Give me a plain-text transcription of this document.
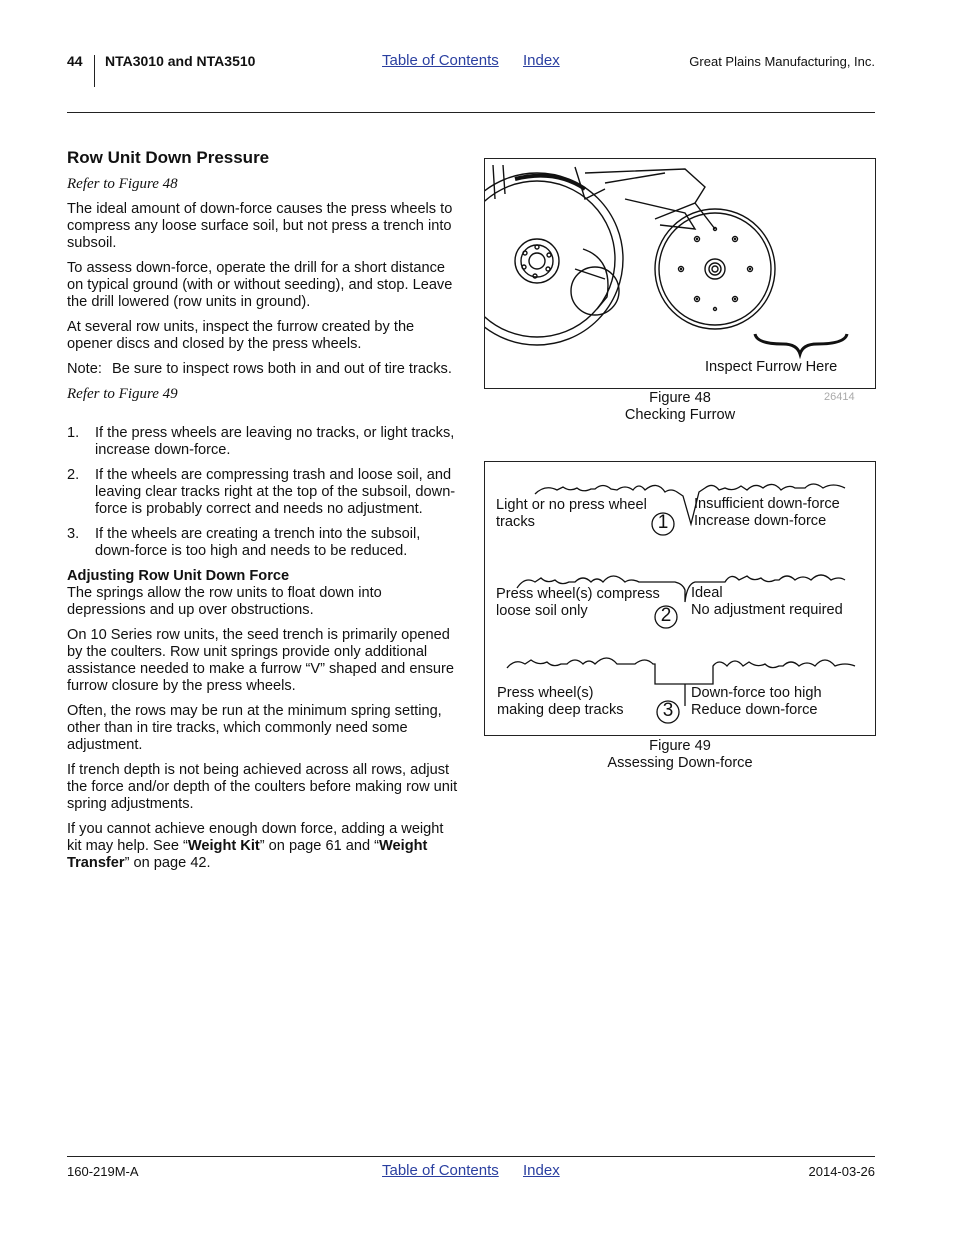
44 NTA3010 and NTA3510	Table of Contents Index	Great Plains Manufacturing, Inc.
Row Unit Down Pressure

Refer to Figure 48

The ideal amount of down-force causes the press wheels to compress any loose surface soil, but not press a trench into subsoil.

To assess down-force, operate the drill for a short distance on typical ground (with or without seeding), and stop. Leave the drill lowered (row units in ground).

At several row units, inspect the furrow created by the opener discs and closed by the press wheels.

Note: Be sure to inspect rows both in and out of tire tracks.

Refer to Figure 49

1.	If the press wheels are leaving no tracks, or light tracks, increase down-force.
2.	If the wheels are compressing trash and loose soil, and leaving clear tracks right at the top of the subsoil, down-force is probably correct and needs no adjustment.
3.	If the wheels are creating a trench into the subsoil, down-force is too high and needs to be reduced.
Adjusting Row Unit Down Force

The springs allow the row units to float down into depressions and up over obstructions.

On 10 Series row units, the seed trench is primarily opened by the coulters. Row unit springs provide only additional assistance needed to make a furrow “V” shaped and ensure furrow closure by the press wheels.

Often, the rows may be run at the minimum spring setting, other than in tire tracks, which commonly need some adjustment.

If trench depth is not being achieved across all rows, adjust the force and/or depth of the coulters before making row unit spring adjustments.

If you cannot achieve enough down force, adding a weight kit may help. See “Weight Kit” on page 61 and “Weight Transfer” on page 42.

Inspect Furrow Here
Figure 48
Checking Furrow
26414
Light or no press wheel
tracks
Insufficient down-force
Increase down-force
1
Press wheel(s) compress
loose soil only
Ideal
No adjustment required
2
Press wheel(s)
making deep tracks
Down-force too high
Reduce down-force
3
Figure 49
Assessing Down-force
160-219M-A	Table of Contents Index	2014-03-26
